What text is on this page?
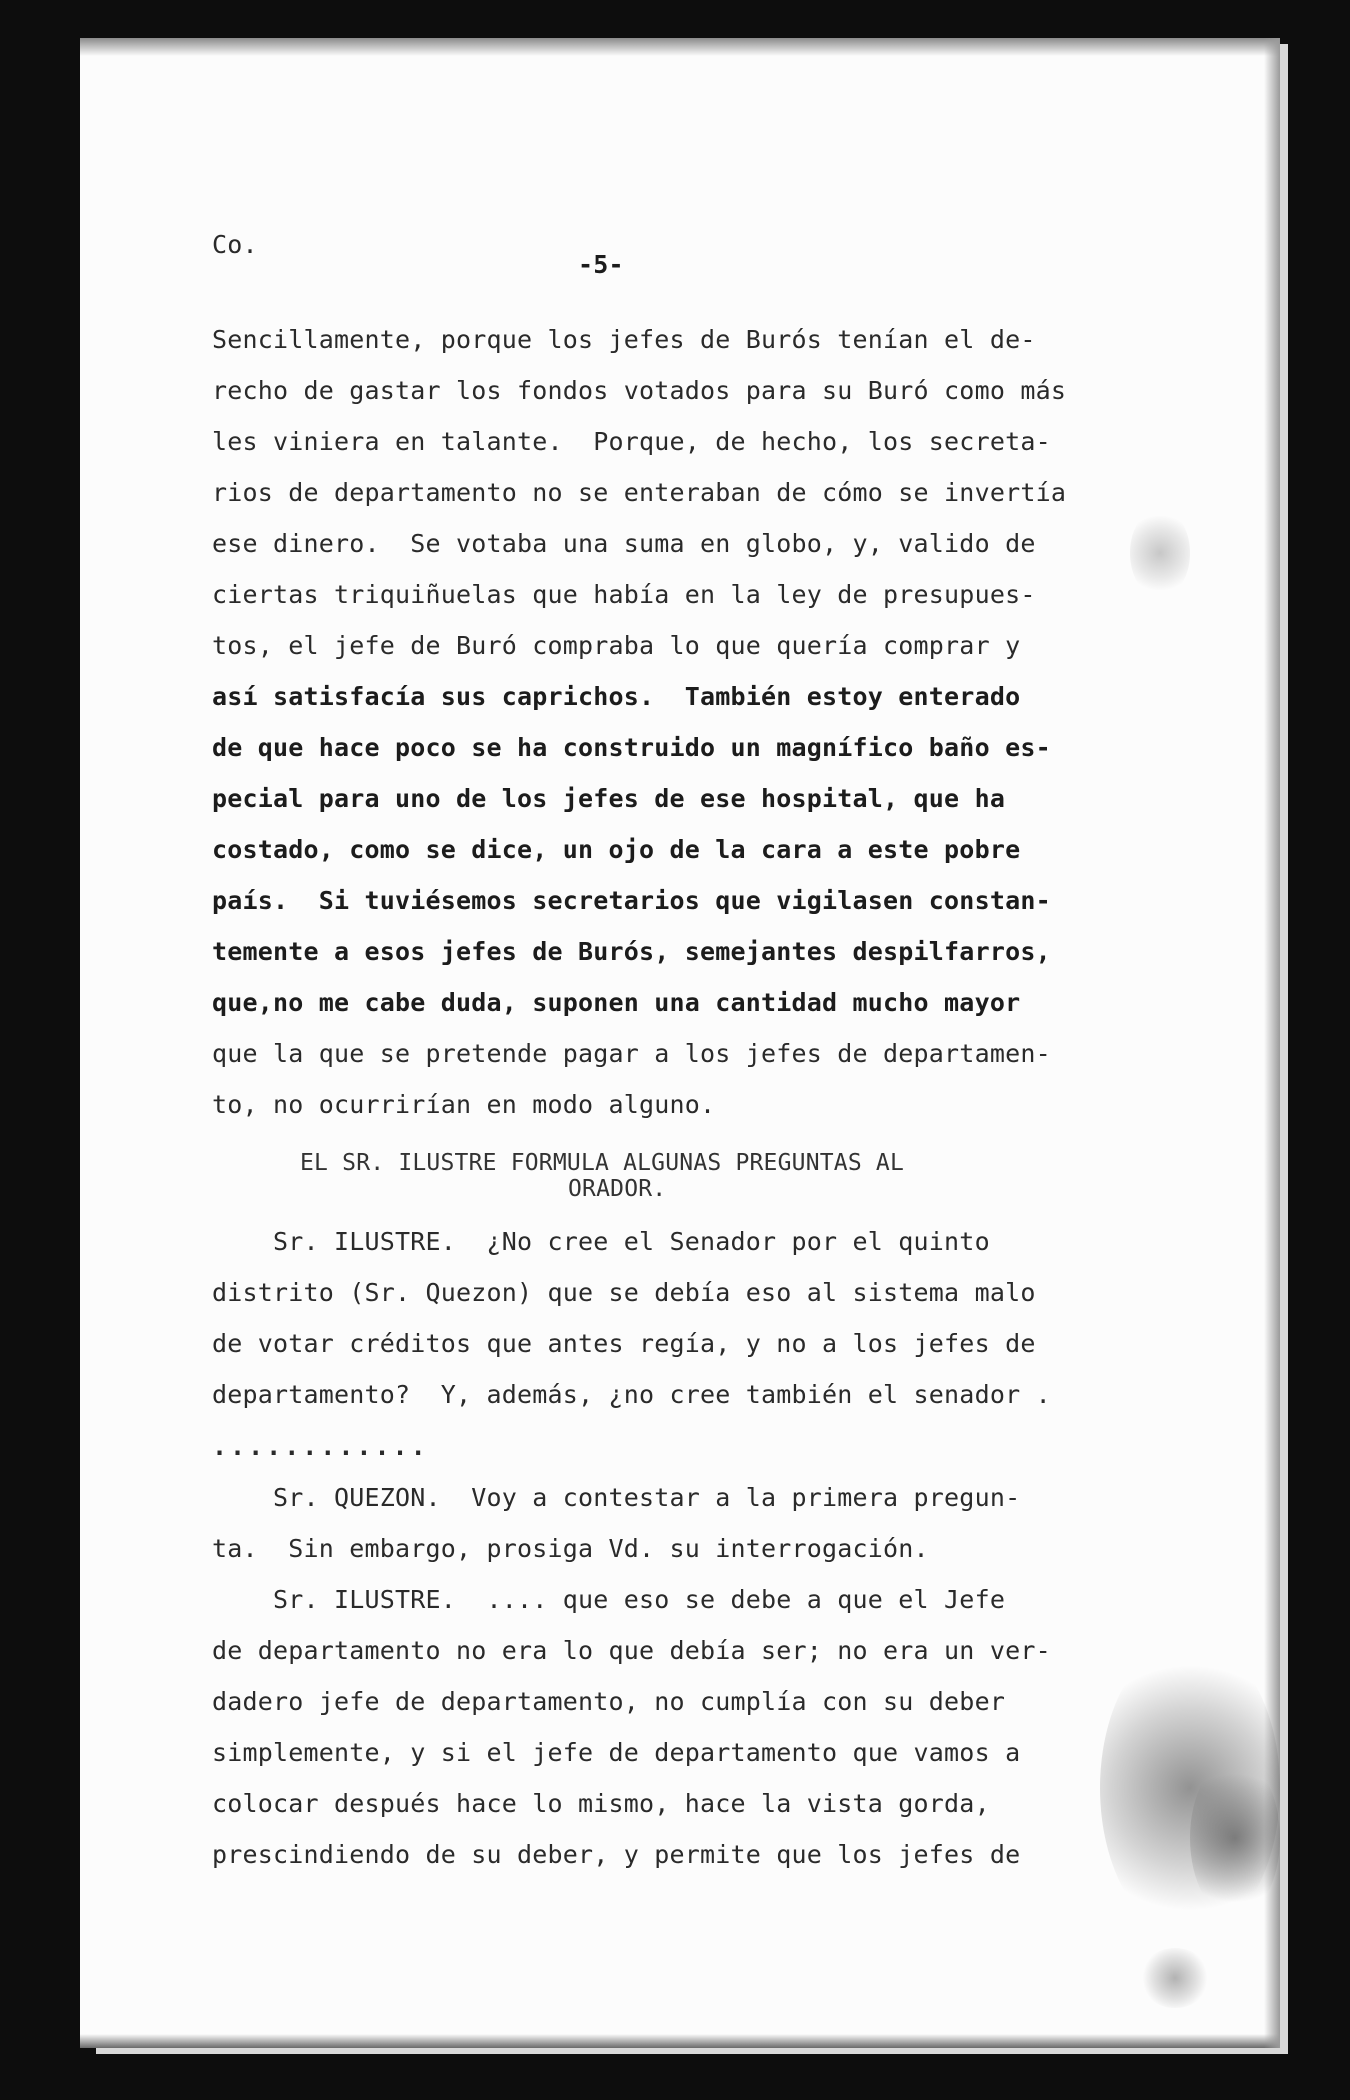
Co.
-5-
Sencillamente, porque los jefes de Burós tenían el de-
recho de gastar los fondos votados para su Buró como más
les viniera en talante.  Porque, de hecho, los secreta-
rios de departamento no se enteraban de cómo se invertía
ese dinero.  Se votaba una suma en globo, y, valido de
ciertas triquiñuelas que había en la ley de presupues-
tos, el jefe de Buró compraba lo que quería comprar y
así satisfacía sus caprichos.  También estoy enterado
de que hace poco se ha construido un magnífico baño es-
pecial para uno de los jefes de ese hospital, que ha
costado, como se dice, un ojo de la cara a este pobre
país.  Si tuviésemos secretarios que vigilasen constan-
temente a esos jefes de Burós, semejantes despilfarros,
que,no me cabe duda, suponen una cantidad mucho mayor
que la que se pretende pagar a los jefes de departamen-
to, no ocurrirían en modo alguno.
EL SR. ILUSTRE FORMULA ALGUNAS PREGUNTAS AL
ORADOR.
Sr. ILUSTRE.  ¿No cree el Senador por el quinto
distrito (Sr. Quezon) que se debía eso al sistema malo
de votar créditos que antes regía, y no a los jefes de
departamento?  Y, además, ¿no cree también el senador .
............
Sr. QUEZON.  Voy a contestar a la primera pregun-
ta.  Sin embargo, prosiga Vd. su interrogación.
Sr. ILUSTRE.  .... que eso se debe a que el Jefe
de departamento no era lo que debía ser; no era un ver-
dadero jefe de departamento, no cumplía con su deber
simplemente, y si el jefe de departamento que vamos a
colocar después hace lo mismo, hace la vista gorda,
prescindiendo de su deber, y permite que los jefes de
